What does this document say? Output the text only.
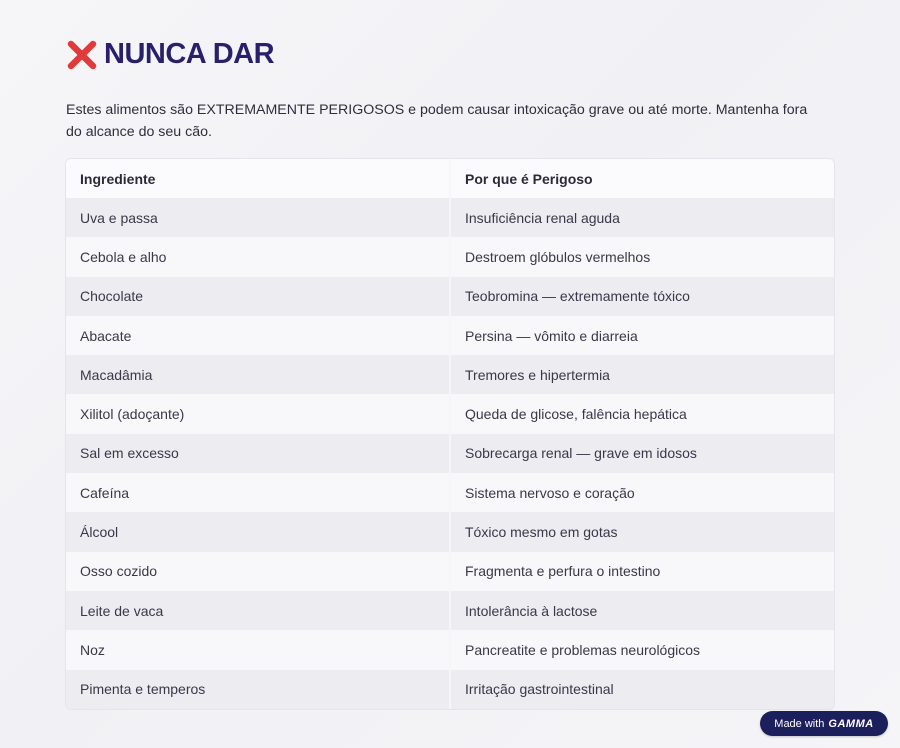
NUNCA DAR

Estes alimentos são EXTREMAMENTE PERIGOSOS e podem causar intoxicação grave ou até morte. Mantenha fora do alcance do seu cão.

Ingrediente	Por que é Perigoso
Uva e passa	Insuficiência renal aguda
Cebola e alho	Destroem glóbulos vermelhos
Chocolate	Teobromina — extremamente tóxico
Abacate	Persina — vômito e diarreia
Macadâmia	Tremores e hipertermia
Xilitol (adoçante)	Queda de glicose, falência hepática
Sal em excesso	Sobrecarga renal — grave em idosos
Cafeína	Sistema nervoso e coração
Álcool	Tóxico mesmo em gotas
Osso cozido	Fragmenta e perfura o intestino
Leite de vaca	Intolerância à lactose
Noz	Pancreatite e problemas neurológicos
Pimenta e temperos	Irritação gastrointestinal
Made with GAMMA
